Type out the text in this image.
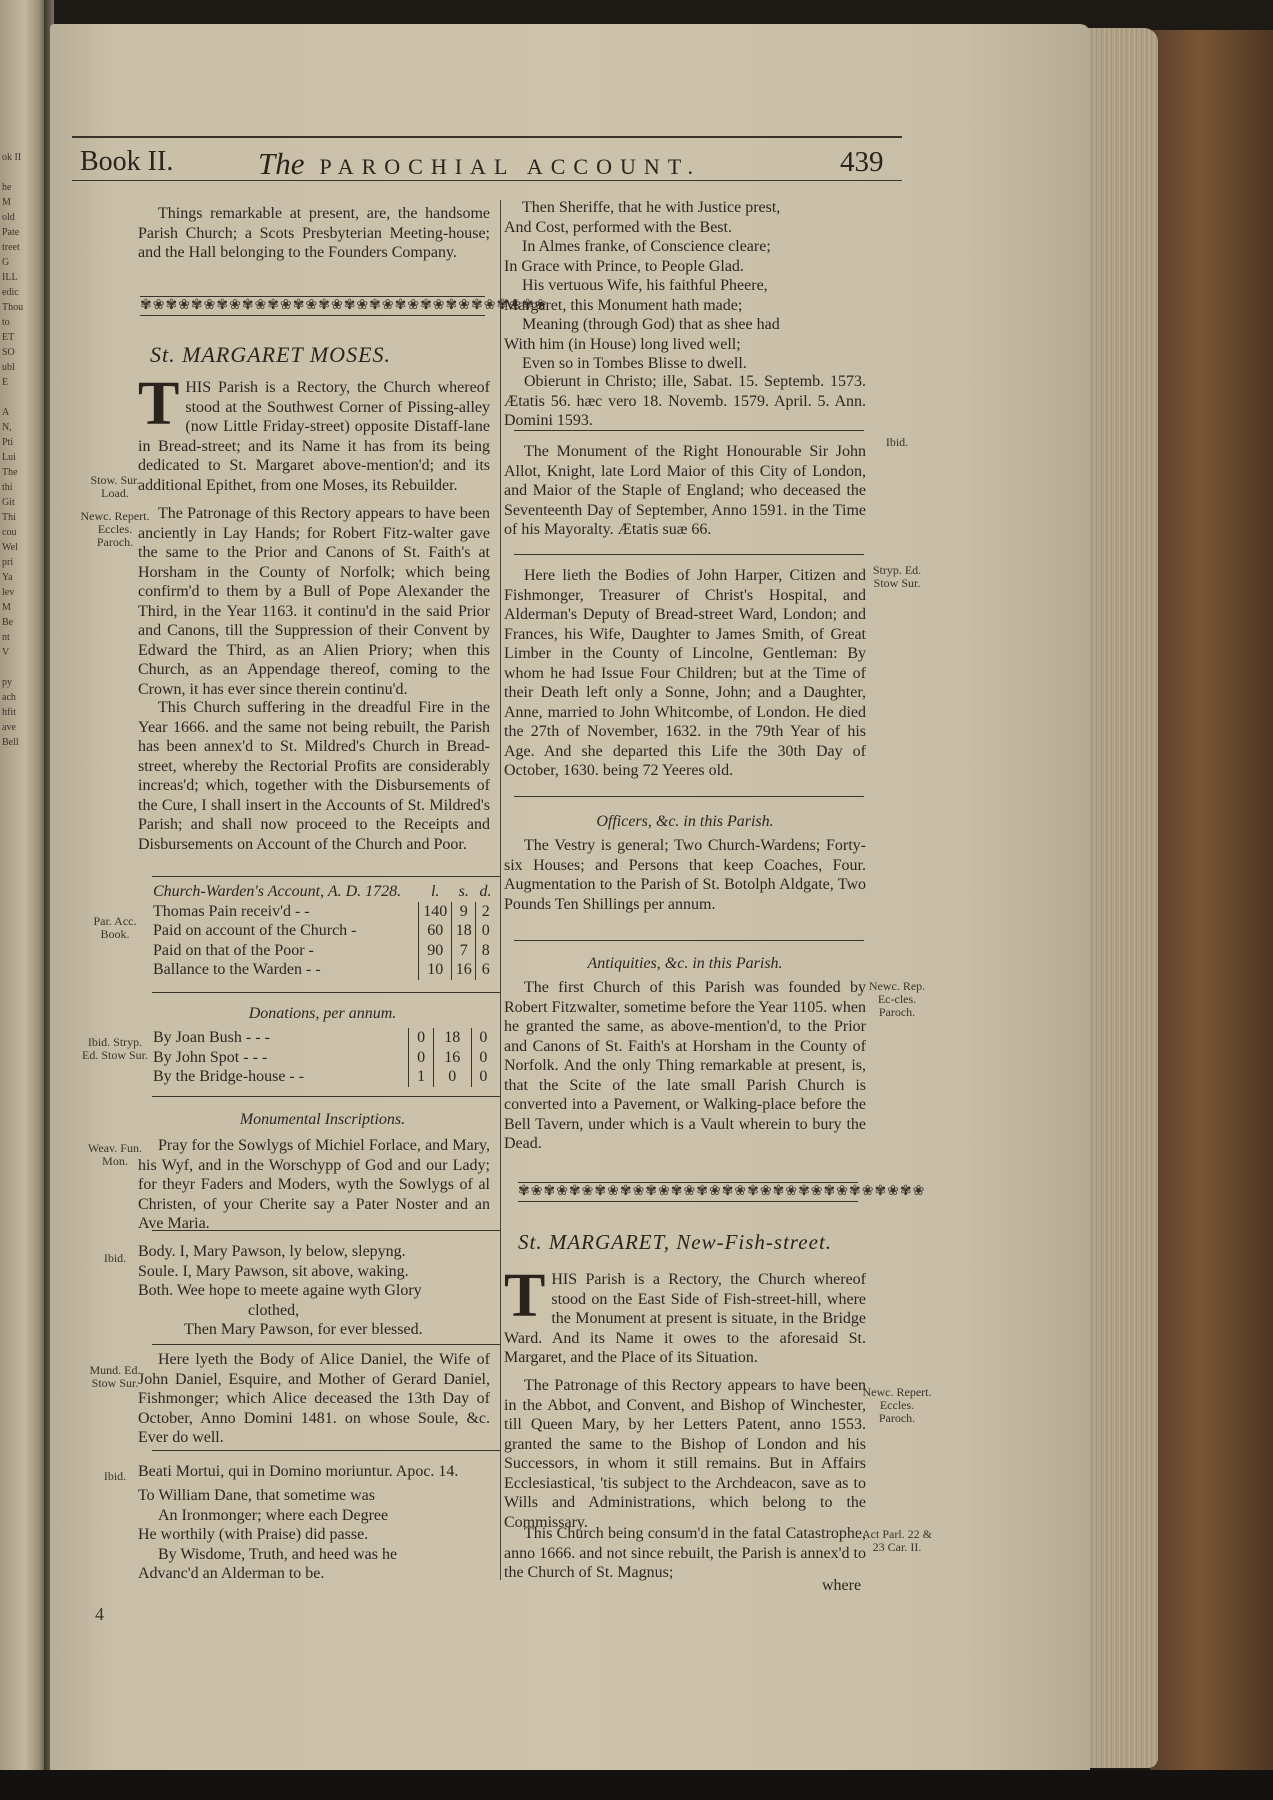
ok II

he
M
old
Pate
treet
G
ILL
edic
Thou
to
ET
SO
ubl
E

A
N,
Pti
Lui
The
thi
Git
Thi
cou
Wel
pri
Ya
lev
M
Be
nt
V

py
ach
hfit
ave
Bell
Book II.	The PAROCHIAL ACCOUNT.	439
Things remarkable at present, are, the handsome Parish Church; a Scots Presbyterian Meeting-house; and the Hall belonging to the Founders Company.
✾❀✾❀✾❀✾❀✾❀✾❀✾❀✾❀✾❀✾❀✾❀✾❀✾❀✾❀✾❀✾❀
St. MARGARET MOSES.
THIS Parish is a Rectory, the Church whereof stood at the Southwest Corner of Pissing-alley (now Little Friday-street) opposite Distaff-lane in Bread-street; and its Name it has from its being dedicated to St. Margaret above-mention'd; and its additional Epithet, from one Moses, its Rebuilder.
The Patronage of this Rectory appears to have been anciently in Lay Hands; for Robert Fitz-walter gave the same to the Prior and Canons of St. Faith's at Horsham in the County of Norfolk; which being confirm'd to them by a Bull of Pope Alexander the Third, in the Year 1163. it continu'd in the said Prior and Canons, till the Suppression of their Convent by Edward the Third, as an Alien Priory; when this Church, as an Appendage thereof, coming to the Crown, it has ever since therein continu'd.
This Church suffering in the dreadful Fire in the Year 1666. and the same not being rebuilt, the Parish has been annex'd to St. Mildred's Church in Bread-street, whereby the Rectorial Profits are considerably increas'd; which, together with the Disbursements of the Cure, I shall insert in the Accounts of St. Mildred's Parish; and shall now proceed to the Receipts and Disbursements on Account of the Church and Poor.
Stow. Sur. Load.
Newc. Repert. Eccles. Paroch.
Church-Warden's Account, A. D. 1728.	l.	s.	d.
Thomas Pain receiv'd - -	140	9	2
Paid on account of the Church -	60	18	0
Paid on that of the Poor -	90	7	8
Ballance to the Warden - -	10	16	6
Par. Acc. Book.
Donations, per annum.
By Joan Bush - - -	0	18	0
By John Spot - - -	0	16	0
By the Bridge-house - -	1	0	0
Ibid. Stryp. Ed. Stow Sur.
Monumental Inscriptions.
Pray for the Sowlygs of Michiel Forlace, and Mary, his Wyf, and in the Worschypp of God and our Lady; for theyr Faders and Moders, wyth the Sowlygs of al Christen, of your Cherite say a Pater Noster and an Ave Maria.
Weav. Fun. Mon.
Body. I, Mary Pawson, ly below, slepyng.
Soule. I, Mary Pawson, sit above, waking.
Both. Wee hope to meete againe wyth Glory
clothed,
Then Mary Pawson, for ever blessed.
Ibid.
Here lyeth the Body of Alice Daniel, the Wife of John Daniel, Esquire, and Mother of Gerard Daniel, Fishmonger; which Alice deceased the 13th Day of October, Anno Domini 1481. on whose Soule, &c. Ever do well.
Mund. Ed. Stow Sur.
Beati Mortui, qui in Domino moriuntur. Apoc. 14.
To William Dane, that sometime was
An Ironmonger; where each Degree
He worthily (with Praise) did passe.
By Wisdome, Truth, and heed was he
Advanc'd an Alderman to be.
Ibid.
4
Then Sheriffe, that he with Justice prest,
And Cost, performed with the Best.
In Almes franke, of Conscience cleare;
In Grace with Prince, to People Glad.
His vertuous Wife, his faithful Pheere,
Margaret, this Monument hath made;
Meaning (through God) that as shee had
With him (in House) long lived well;
Even so in Tombes Blisse to dwell.
Obierunt in Christo; ille, Sabat. 15. Septemb. 1573. Ætatis 56. hæc vero 18. Novemb. 1579. April. 5. Ann. Domini 1593.
The Monument of the Right Honourable Sir John Allot, Knight, late Lord Maior of this City of London, and Maior of the Staple of England; who deceased the Seventeenth Day of September, Anno 1591. in the Time of his Mayoralty. Ætatis suæ 66.
Ibid.
Here lieth the Bodies of John Harper, Citizen and Fishmonger, Treasurer of Christ's Hospital, and Alderman's Deputy of Bread-street Ward, London; and Frances, his Wife, Daughter to James Smith, of Great Limber in the County of Lincolne, Gentleman: By whom he had Issue Four Children; but at the Time of their Death left only a Sonne, John; and a Daughter, Anne, married to John Whitcombe, of London. He died the 27th of November, 1632. in the 79th Year of his Age. And she departed this Life the 30th Day of October, 1630. being 72 Yeeres old.
Stryp. Ed. Stow Sur.
Officers, &c. in this Parish.
The Vestry is general; Two Church-Wardens; Forty-six Houses; and Persons that keep Coaches, Four. Augmentation to the Parish of St. Botolph Aldgate, Two Pounds Ten Shillings per annum.
Antiquities, &c. in this Parish.
The first Church of this Parish was founded by Robert Fitzwalter, sometime before the Year 1105. when he granted the same, as above-mention'd, to the Prior and Canons of St. Faith's at Horsham in the County of Norfolk. And the only Thing remarkable at present, is, that the Scite of the late small Parish Church is converted into a Pavement, or Walking-place before the Bell Tavern, under which is a Vault wherein to bury the Dead.
Newc. Rep. Ec-cles. Paroch.
✾❀✾❀✾❀✾❀✾❀✾❀✾❀✾❀✾❀✾❀✾❀✾❀✾❀✾❀✾❀✾❀
St. MARGARET, New-Fish-street.
THIS Parish is a Rectory, the Church whereof stood on the East Side of Fish-street-hill, where the Monument at present is situate, in the Bridge Ward. And its Name it owes to the aforesaid St. Margaret, and the Place of its Situation.
The Patronage of this Rectory appears to have been in the Abbot, and Convent, and Bishop of Winchester, till Queen Mary, by her Letters Patent, anno 1553. granted the same to the Bishop of London and his Successors, in whom it still remains. But in Affairs Ecclesiastical, 'tis subject to the Archdeacon, save as to Wills and Administrations, which belong to the Commissary.
Newc. Repert. Eccles. Paroch.
This Church being consum'd in the fatal Catastrophe, anno 1666. and not since rebuilt, the Parish is annex'd to the Church of St. Magnus;
Act Parl. 22 & 23 Car. II.
where
